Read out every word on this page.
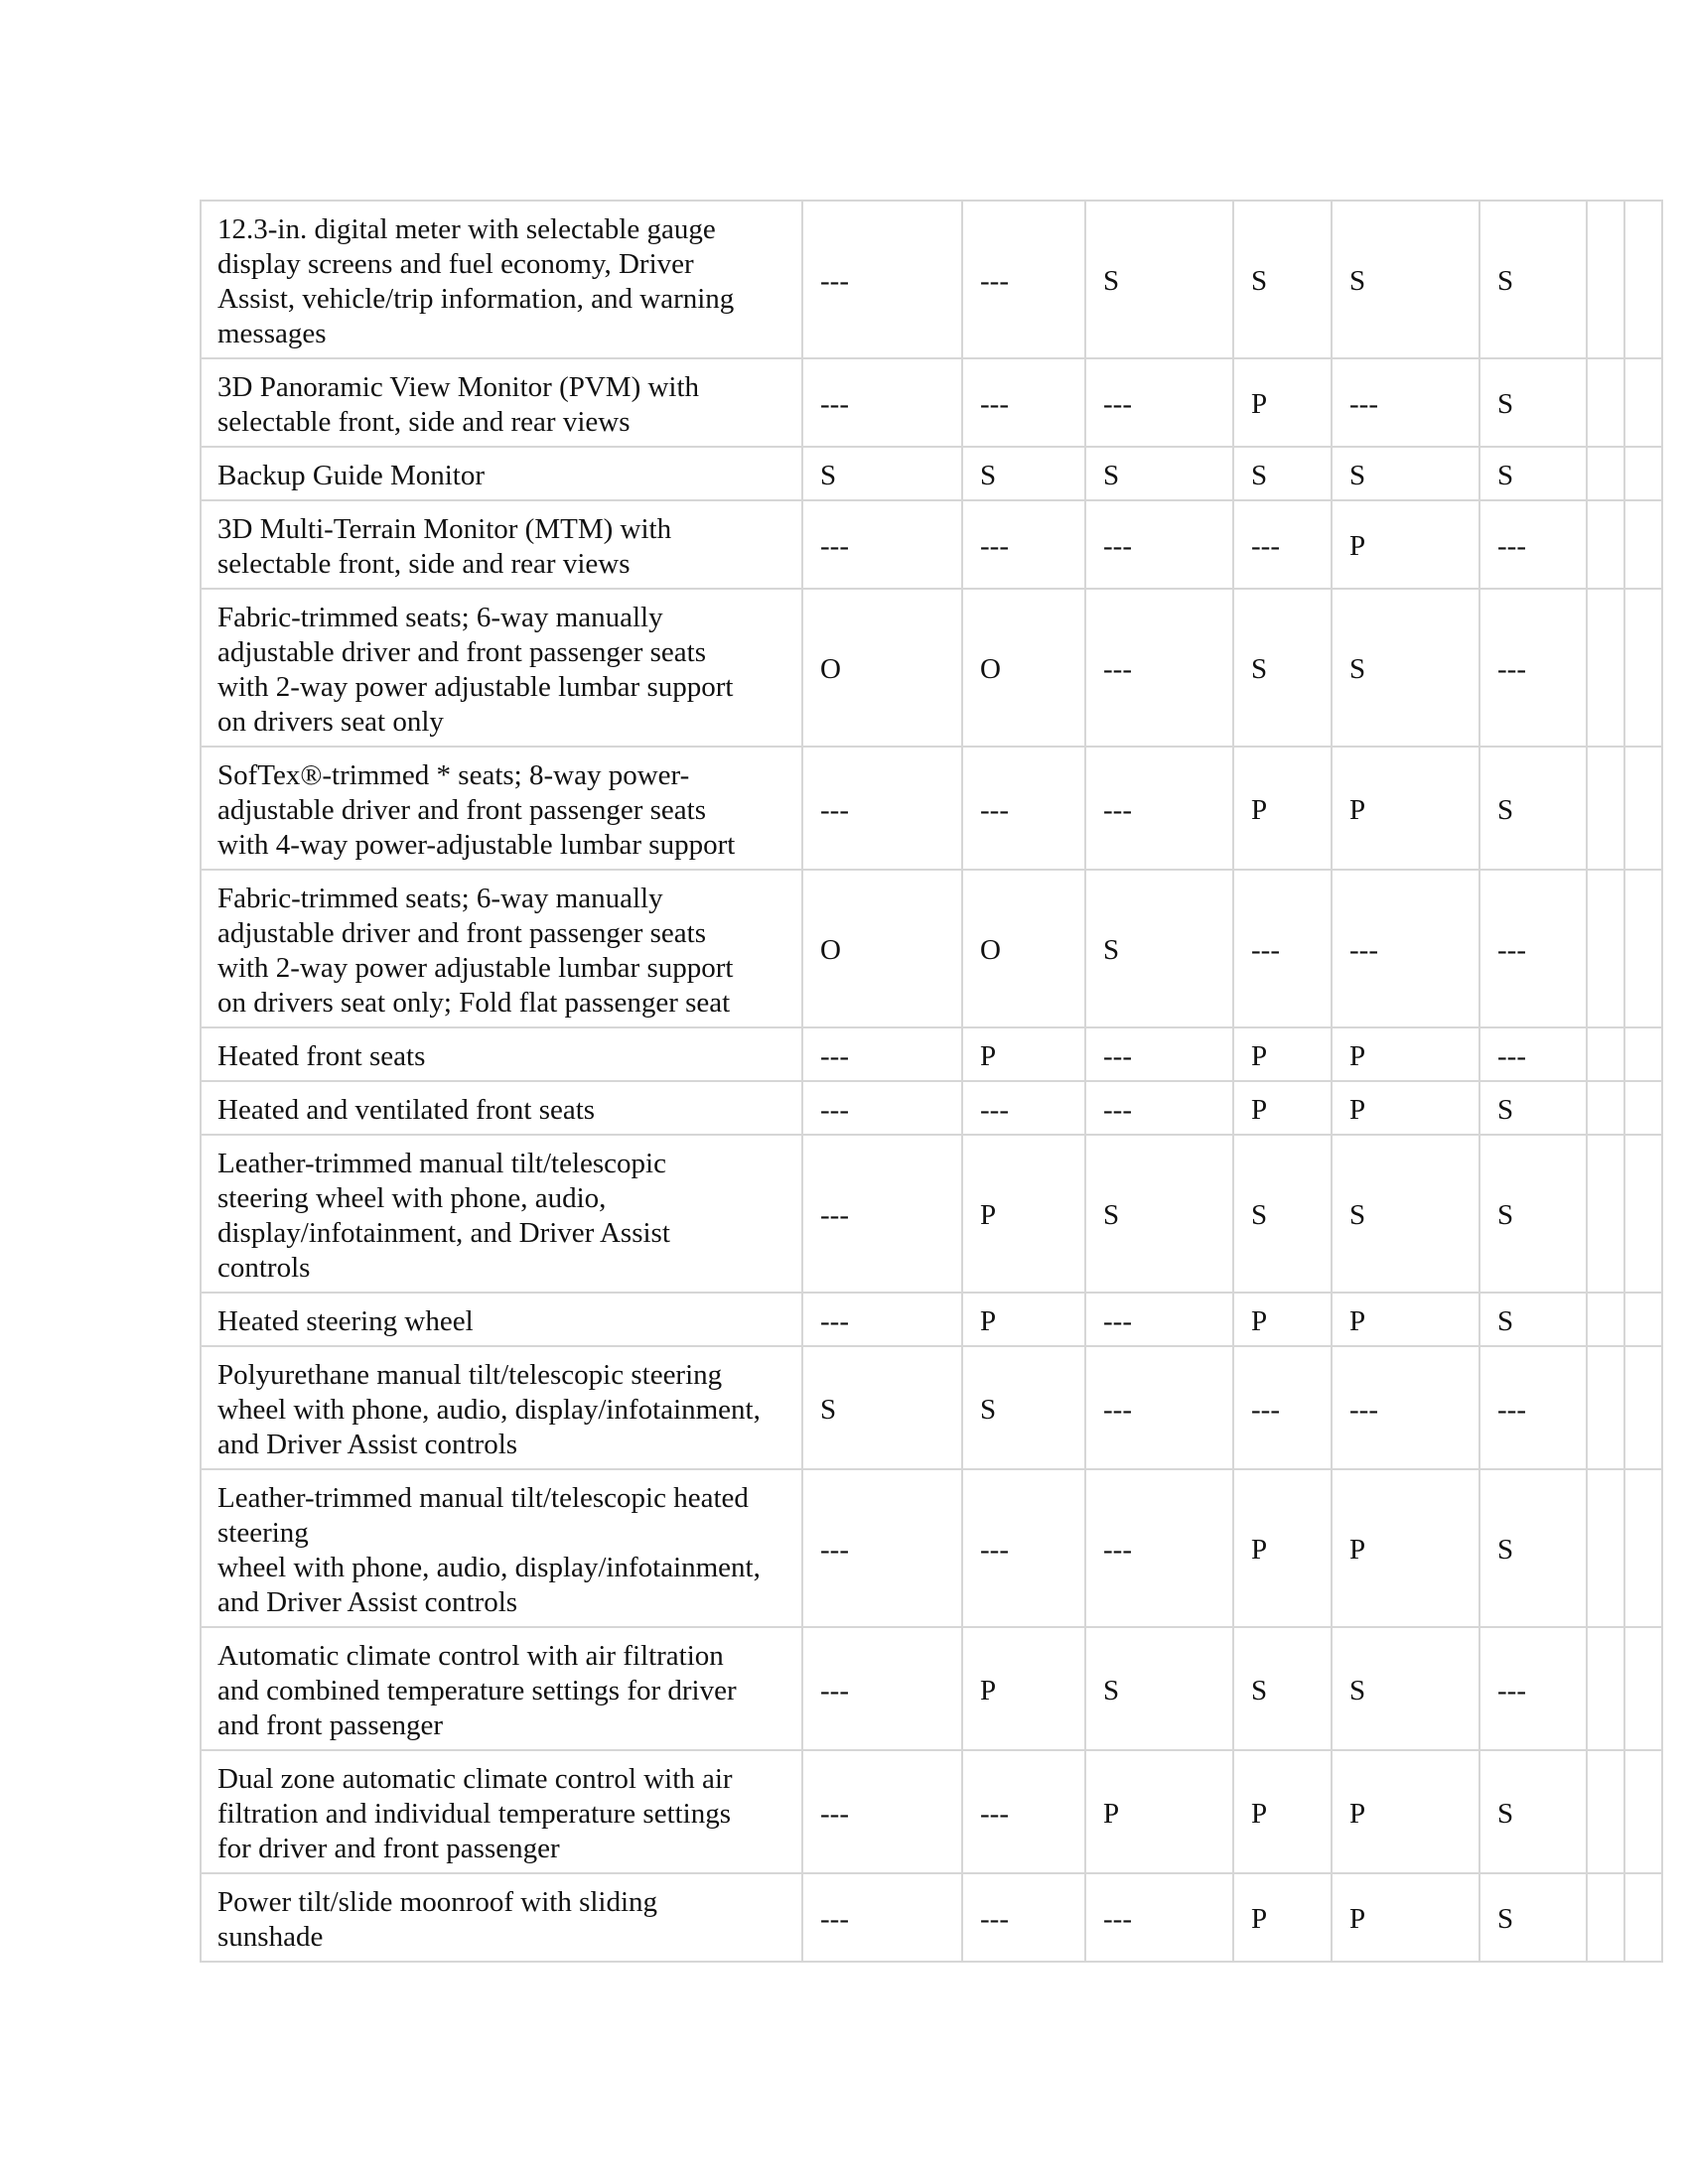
12.3-in. digital meter with selectable gauge
display screens and fuel economy, Driver
Assist, vehicle/trip information, and warning
messages	---	---	S	S	S	S		
3D Panoramic View Monitor (PVM) with
selectable front, side and rear views	---	---	---	P	---	S		
Backup Guide Monitor	S	S	S	S	S	S		
3D Multi-Terrain Monitor (MTM) with
selectable front, side and rear views	---	---	---	---	P	---		
Fabric-trimmed seats; 6-way manually
adjustable driver and front passenger seats
with 2-way power adjustable lumbar support
on drivers seat only	O	O	---	S	S	---		
SofTex®-trimmed * seats; 8-way power-
adjustable driver and front passenger seats
with 4-way power-adjustable lumbar support	---	---	---	P	P	S		
Fabric-trimmed seats; 6-way manually
adjustable driver and front passenger seats
with 2-way power adjustable lumbar support
on drivers seat only; Fold flat passenger seat	O	O	S	---	---	---		
Heated front seats	---	P	---	P	P	---		
Heated and ventilated front seats	---	---	---	P	P	S		
Leather-trimmed manual tilt/telescopic
steering wheel with phone, audio,
display/infotainment, and Driver Assist
controls	---	P	S	S	S	S		
Heated steering wheel	---	P	---	P	P	S		
Polyurethane manual tilt/telescopic steering
wheel with phone, audio, display/infotainment,
and Driver Assist controls	S	S	---	---	---	---		
Leather-trimmed manual tilt/telescopic heated
steering
wheel with phone, audio, display/infotainment,
and Driver Assist controls	---	---	---	P	P	S		
Automatic climate control with air filtration
and combined temperature settings for driver
and front passenger	---	P	S	S	S	---		
Dual zone automatic climate control with air
filtration and individual temperature settings
for driver and front passenger	---	---	P	P	P	S		
Power tilt/slide moonroof with sliding
sunshade	---	---	---	P	P	S		
